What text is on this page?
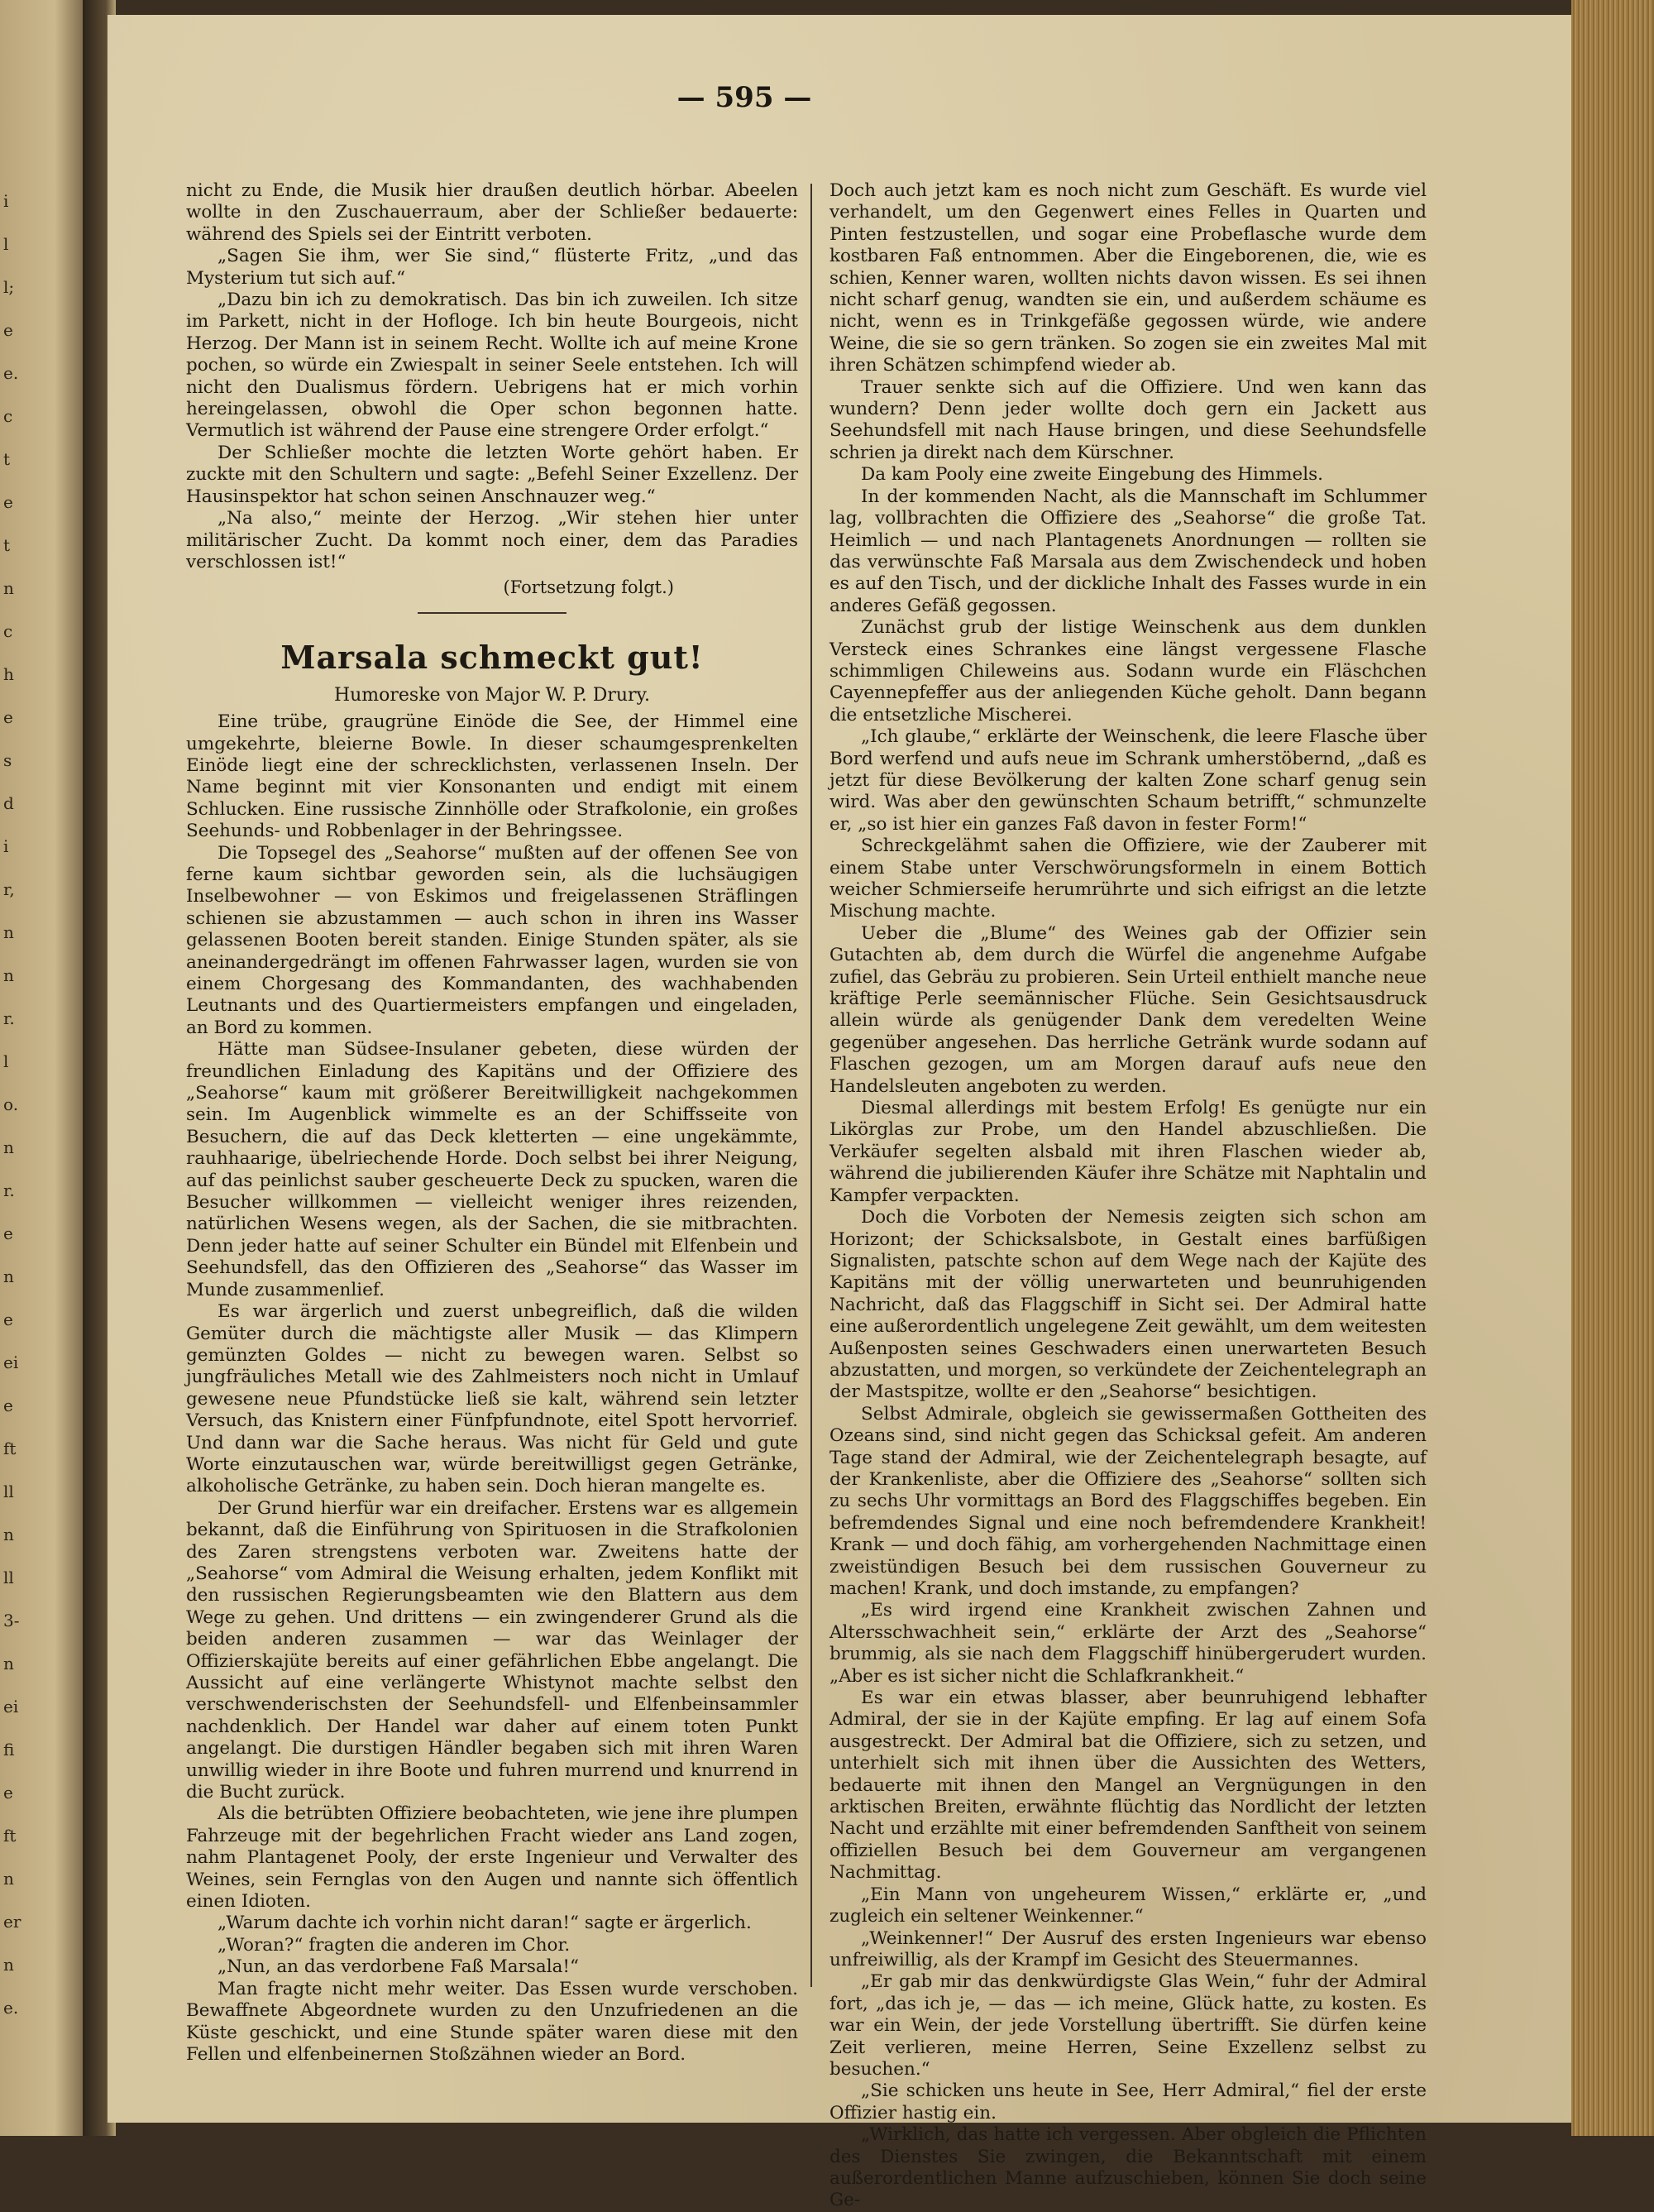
i
l
l;
e
e.
c
t
e
t
n
c
h
e
s
d
i
r,
n
n
r.
l
o.
n
r.
e
n
e
ei
e
ft
ll
n
ll
3-
n
ei
fi
e
ft
n
er
n
e.
— 595 —

nicht zu Ende, die Musik hier draußen deutlich hörbar. Abeelen wollte in den Zuschauerraum, aber der Schließer bedauerte: während des Spiels sei der Eintritt verboten.

„Sagen Sie ihm, wer Sie sind,“ flüsterte Fritz, „und das Mysterium tut sich auf.“

„Dazu bin ich zu demokratisch. Das bin ich zuweilen. Ich sitze im Parkett, nicht in der Hofloge. Ich bin heute Bourgeois, nicht Herzog. Der Mann ist in seinem Recht. Wollte ich auf meine Krone pochen, so würde ein Zwiespalt in seiner Seele entstehen. Ich will nicht den Dualismus fördern. Uebrigens hat er mich vorhin hereingelassen, obwohl die Oper schon begonnen hatte. Vermutlich ist während der Pause eine strengere Order erfolgt.“

Der Schließer mochte die letzten Worte gehört haben. Er zuckte mit den Schultern und sagte: „Befehl Seiner Exzellenz. Der Hausinspektor hat schon seinen Anschnauzer weg.“

„Na also,“ meinte der Herzog. „Wir stehen hier unter militärischer Zucht. Da kommt noch einer, dem das Paradies verschlossen ist!“

(Fortsetzung folgt.)
Marsala schmeckt gut!
Humoreske von Major W. P. Drury.

Eine trübe, graugrüne Einöde die See, der Himmel eine umgekehrte, bleierne Bowle. In dieser schaumgesprenkelten Einöde liegt eine der schrecklichsten, verlassenen Inseln. Der Name beginnt mit vier Konsonanten und endigt mit einem Schlucken. Eine russische Zinnhölle oder Strafkolonie, ein großes Seehunds- und Robbenlager in der Behringssee.

Die Topsegel des „Seahorse“ mußten auf der offenen See von ferne kaum sichtbar geworden sein, als die luchsäugigen Inselbewohner — von Eskimos und freigelassenen Sträflingen schienen sie abzustammen — auch schon in ihren ins Wasser gelassenen Booten bereit standen. Einige Stunden später, als sie aneinandergedrängt im offenen Fahrwasser lagen, wurden sie von einem Chorgesang des Kommandanten, des wachhabenden Leutnants und des Quartiermeisters empfangen und eingeladen, an Bord zu kommen.

Hätte man Südsee-Insulaner gebeten, diese würden der freundlichen Einladung des Kapitäns und der Offiziere des „Seahorse“ kaum mit größerer Bereitwilligkeit nachgekommen sein. Im Augenblick wimmelte es an der Schiffsseite von Besuchern, die auf das Deck kletterten — eine ungekämmte, rauhhaarige, übelriechende Horde. Doch selbst bei ihrer Neigung, auf das peinlichst sauber gescheuerte Deck zu spucken, waren die Besucher willkommen — vielleicht weniger ihres reizenden, natürlichen Wesens wegen, als der Sachen, die sie mitbrachten. Denn jeder hatte auf seiner Schulter ein Bündel mit Elfenbein und Seehundsfell, das den Offizieren des „Seahorse“ das Wasser im Munde zusammenlief.

Es war ärgerlich und zuerst unbegreiflich, daß die wilden Gemüter durch die mächtigste aller Musik — das Klimpern gemünzten Goldes — nicht zu bewegen waren. Selbst so jungfräuliches Metall wie des Zahlmeisters noch nicht in Umlauf gewesene neue Pfundstücke ließ sie kalt, während sein letzter Versuch, das Knistern einer Fünfpfundnote, eitel Spott hervorrief. Und dann war die Sache heraus. Was nicht für Geld und gute Worte einzutauschen war, würde bereitwilligst gegen Getränke, alkoholische Getränke, zu haben sein. Doch hieran mangelte es.

Der Grund hierfür war ein dreifacher. Erstens war es allgemein bekannt, daß die Einführung von Spirituosen in die Strafkolonien des Zaren strengstens verboten war. Zweitens hatte der „Seahorse“ vom Admiral die Weisung erhalten, jedem Konflikt mit den russischen Regierungsbeamten wie den Blattern aus dem Wege zu gehen. Und drittens — ein zwingenderer Grund als die beiden anderen zusammen — war das Weinlager der Offizierskajüte bereits auf einer gefährlichen Ebbe angelangt. Die Aussicht auf eine verlängerte Whistynot machte selbst den verschwenderischsten der Seehundsfell- und Elfenbeinsammler nachdenklich. Der Handel war daher auf einem toten Punkt angelangt. Die durstigen Händler begaben sich mit ihren Waren unwillig wieder in ihre Boote und fuhren murrend und knurrend in die Bucht zurück.

Als die betrübten Offiziere beobachteten, wie jene ihre plumpen Fahrzeuge mit der begehrlichen Fracht wieder ans Land zogen, nahm Plantagenet Pooly, der erste Ingenieur und Verwalter des Weines, sein Fernglas von den Augen und nannte sich öffentlich einen Idioten.

„Warum dachte ich vorhin nicht daran!“ sagte er ärgerlich.

„Woran?“ fragten die anderen im Chor.

„Nun, an das verdorbene Faß Marsala!“

Man fragte nicht mehr weiter. Das Essen wurde verschoben. Bewaffnete Abgeordnete wurden zu den Unzufriedenen an die Küste geschickt, und eine Stunde später waren diese mit den Fellen und elfenbeinernen Stoßzähnen wieder an Bord.

Doch auch jetzt kam es noch nicht zum Geschäft. Es wurde viel verhandelt, um den Gegenwert eines Felles in Quarten und Pinten festzustellen, und sogar eine Probeflasche wurde dem kostbaren Faß entnommen. Aber die Eingeborenen, die, wie es schien, Kenner waren, wollten nichts davon wissen. Es sei ihnen nicht scharf genug, wandten sie ein, und außerdem schäume es nicht, wenn es in Trinkgefäße gegossen würde, wie andere Weine, die sie so gern tränken. So zogen sie ein zweites Mal mit ihren Schätzen schimpfend wieder ab.

Trauer senkte sich auf die Offiziere. Und wen kann das wundern? Denn jeder wollte doch gern ein Jackett aus Seehundsfell mit nach Hause bringen, und diese Seehundsfelle schrien ja direkt nach dem Kürschner.

Da kam Pooly eine zweite Eingebung des Himmels.

In der kommenden Nacht, als die Mannschaft im Schlummer lag, vollbrachten die Offiziere des „Seahorse“ die große Tat. Heimlich — und nach Plantagenets Anordnungen — rollten sie das verwünschte Faß Marsala aus dem Zwischendeck und hoben es auf den Tisch, und der dickliche Inhalt des Fasses wurde in ein anderes Gefäß gegossen.

Zunächst grub der listige Weinschenk aus dem dunklen Versteck eines Schrankes eine längst vergessene Flasche schimmligen Chileweins aus. Sodann wurde ein Fläschchen Cayennepfeffer aus der anliegenden Küche geholt. Dann begann die entsetzliche Mischerei.

„Ich glaube,“ erklärte der Weinschenk, die leere Flasche über Bord werfend und aufs neue im Schrank umherstöbernd, „daß es jetzt für diese Bevölkerung der kalten Zone scharf genug sein wird. Was aber den gewünschten Schaum betrifft,“ schmunzelte er, „so ist hier ein ganzes Faß davon in fester Form!“

Schreckgelähmt sahen die Offiziere, wie der Zauberer mit einem Stabe unter Verschwörungsformeln in einem Bottich weicher Schmierseife herumrührte und sich eifrigst an die letzte Mischung machte.

Ueber die „Blume“ des Weines gab der Offizier sein Gutachten ab, dem durch die Würfel die angenehme Aufgabe zufiel, das Gebräu zu probieren. Sein Urteil enthielt manche neue kräftige Perle seemännischer Flüche. Sein Gesichtsausdruck allein würde als genügender Dank dem veredelten Weine gegenüber angesehen. Das herrliche Getränk wurde sodann auf Flaschen gezogen, um am Morgen darauf aufs neue den Handelsleuten angeboten zu werden.

Diesmal allerdings mit bestem Erfolg! Es genügte nur ein Likörglas zur Probe, um den Handel abzuschließen. Die Verkäufer segelten alsbald mit ihren Flaschen wieder ab, während die jubilierenden Käufer ihre Schätze mit Naphtalin und Kampfer verpackten.

Doch die Vorboten der Nemesis zeigten sich schon am Horizont; der Schicksalsbote, in Gestalt eines barfüßigen Signalisten, patschte schon auf dem Wege nach der Kajüte des Kapitäns mit der völlig unerwarteten und beunruhigenden Nachricht, daß das Flaggschiff in Sicht sei. Der Admiral hatte eine außerordentlich ungelegene Zeit gewählt, um dem weitesten Außenposten seines Geschwaders einen unerwarteten Besuch abzustatten, und morgen, so verkündete der Zeichentelegraph an der Mastspitze, wollte er den „Seahorse“ besichtigen.

Selbst Admirale, obgleich sie gewissermaßen Gottheiten des Ozeans sind, sind nicht gegen das Schicksal gefeit. Am anderen Tage stand der Admiral, wie der Zeichentelegraph besagte, auf der Krankenliste, aber die Offiziere des „Seahorse“ sollten sich zu sechs Uhr vormittags an Bord des Flaggschiffes begeben. Ein befremdendes Signal und eine noch befremdendere Krankheit! Krank — und doch fähig, am vorhergehenden Nachmittage einen zweistündigen Besuch bei dem russischen Gouverneur zu machen! Krank, und doch imstande, zu empfangen?

„Es wird irgend eine Krankheit zwischen Zahnen und Altersschwachheit sein,“ erklärte der Arzt des „Seahorse“ brummig, als sie nach dem Flaggschiff hinübergerudert wurden. „Aber es ist sicher nicht die Schlafkrankheit.“

Es war ein etwas blasser, aber beunruhigend lebhafter Admiral, der sie in der Kajüte empfing. Er lag auf einem Sofa ausgestreckt. Der Admiral bat die Offiziere, sich zu setzen, und unterhielt sich mit ihnen über die Aussichten des Wetters, bedauerte mit ihnen den Mangel an Vergnügungen in den arktischen Breiten, erwähnte flüchtig das Nordlicht der letzten Nacht und erzählte mit einer befremdenden Sanftheit von seinem offiziellen Besuch bei dem Gouverneur am vergangenen Nachmittag.

„Ein Mann von ungeheurem Wissen,“ erklärte er, „und zugleich ein seltener Weinkenner.“

„Weinkenner!“ Der Ausruf des ersten Ingenieurs war ebenso unfreiwillig, als der Krampf im Gesicht des Steuermannes.

„Er gab mir das denkwürdigste Glas Wein,“ fuhr der Admiral fort, „das ich je, — das — ich meine, Glück hatte, zu kosten. Es war ein Wein, der jede Vorstellung übertrifft. Sie dürfen keine Zeit verlieren, meine Herren, Seine Exzellenz selbst zu besuchen.“

„Sie schicken uns heute in See, Herr Admiral,“ fiel der erste Offizier hastig ein.

„Wirklich, das hatte ich vergessen. Aber obgleich die Pflichten des Dienstes Sie zwingen, die Bekanntschaft mit einem außerordentlichen Manne aufzuschieben, können Sie doch seine Ge-
